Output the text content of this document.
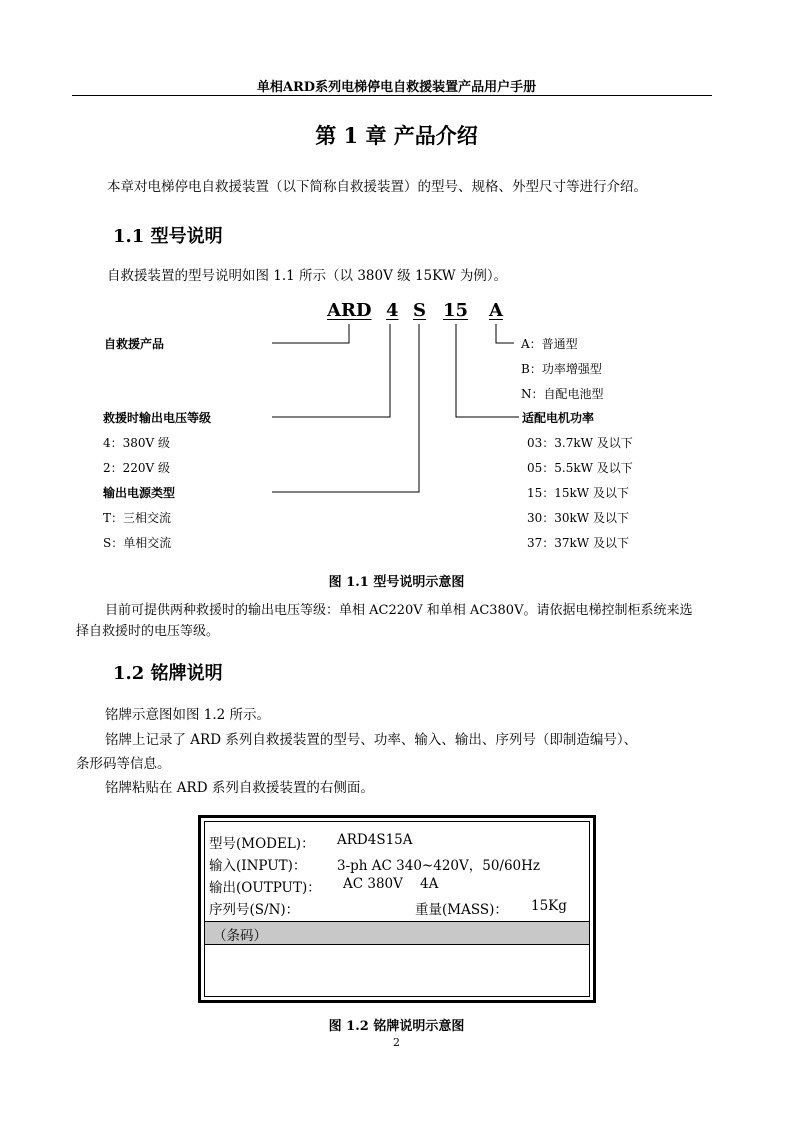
单相ARD系列电梯停电自救援装置产品用户手册
第 1 章 产品介绍
本章对电梯停电自救援装置（以下简称自救援装置）的型号、规格、外型尺寸等进行介绍。
1.1 型号说明
自救援装置的型号说明如图 1.1 所示（以 380V 级 15KW 为例）。
ARD 4 S 15 A
自救援产品
救援时输出电压等级
4：380V 级
2：220V 级
输出电源类型
T：三相交流
S：单相交流
A：普通型
B：功率增强型
N：自配电池型
适配电机功率
03：3.7kW 及以下
05：5.5kW 及以下
15：15kW 及以下
30：30kW 及以下
37：37kW 及以下
图 1.1 型号说明示意图
目前可提供两种救援时的输出电压等级：单相 AC220V 和单相 AC380V。请依据电梯控制柜系统来选
择自救援时的电压等级。
1.2 铭牌说明
铭牌示意图如图 1.2 所示。
铭牌上记录了 ARD 系列自救援装置的型号、功率、输入、输出、序列号（即制造编号）、
条形码等信息。
铭牌粘贴在 ARD 系列自救援装置的右侧面。
型号(MODEL)： ARD4S15A
输入(INPUT)： 3-ph AC 340~420V，50/60Hz
输出(OUTPUT)： AC 380V    4A
序列号(S/N)：	重量(MASS)： 15Kg
（条码）
图 1.2 铭牌说明示意图
2
